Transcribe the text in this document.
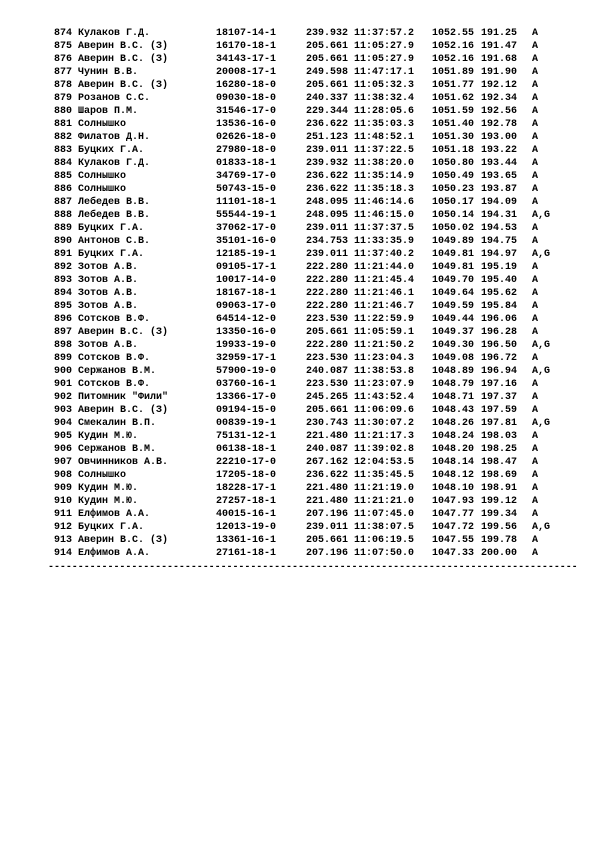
874 Кулаков Г.Д.	18107-14-1	239.932 11:37:57.2 1052.55 191.25 A
875 Аверин В.С. (З)	16170-18-1	205.661 11:05:27.9 1052.16 191.47 A
876 Аверин В.С. (З)	34143-17-1	205.661 11:05:27.9 1052.16 191.68 A
877 Чунин В.В.	20008-17-1	249.598 11:47:17.1 1051.89 191.90 A
878 Аверин В.С. (З)	16280-18-0	205.661 11:05:32.3 1051.77 192.12 A
879 Розанов С.С.	09030-18-0	240.337 11:38:32.4 1051.62 192.34 A
880 Шаров П.М.	31546-17-0	229.344 11:28:05.6 1051.59 192.56 A
881 Солнышко	13536-16-0	236.622 11:35:03.3 1051.40 192.78 A
882 Филатов Д.Н.	02626-18-0	251.123 11:48:52.1 1051.30 193.00 A
883 Буцких Г.А.	27980-18-0	239.011 11:37:22.5 1051.18 193.22 A
884 Кулаков Г.Д.	01833-18-1	239.932 11:38:20.0 1050.80 193.44 A
885 Солнышко	34769-17-0	236.622 11:35:14.9 1050.49 193.65 A
886 Солнышко	50743-15-0	236.622 11:35:18.3 1050.23 193.87 A
887 Лебедев В.В.	11101-18-1	248.095 11:46:14.6 1050.17 194.09 A
888 Лебедев В.В.	55544-19-1	248.095 11:46:15.0 1050.14 194.31 A,G
889 Буцких Г.А.	37062-17-0	239.011 11:37:37.5 1050.02 194.53 A
890 Антонов С.В.	35101-16-0	234.753 11:33:35.9 1049.89 194.75 A
891 Буцких Г.А.	12185-19-1	239.011 11:37:40.2 1049.81 194.97 A,G
892 Зотов А.В.	09105-17-1	222.280 11:21:44.0 1049.81 195.19 A
893 Зотов А.В.	10017-14-0	222.280 11:21:45.4 1049.70 195.40 A
894 Зотов А.В.	18167-18-1	222.280 11:21:46.1 1049.64 195.62 A
895 Зотов А.В.	09063-17-0	222.280 11:21:46.7 1049.59 195.84 A
896 Сотсков В.Ф.	64514-12-0	223.530 11:22:59.9 1049.44 196.06 A
897 Аверин В.С. (З)	13350-16-0	205.661 11:05:59.1 1049.37 196.28 A
898 Зотов А.В.	19933-19-0	222.280 11:21:50.2 1049.30 196.50 A,G
899 Сотсков В.Ф.	32959-17-1	223.530 11:23:04.3 1049.08 196.72 A
900 Сержанов В.М.	57900-19-0	240.087 11:38:53.8 1048.89 196.94 A,G
901 Сотсков В.Ф.	03760-16-1	223.530 11:23:07.9 1048.79 197.16 A
902 Питомник "Фили"	13366-17-0	245.265 11:43:52.4 1048.71 197.37 A
903 Аверин В.С. (З)	09194-15-0	205.661 11:06:09.6 1048.43 197.59 A
904 Смекалин В.П.	00839-19-1	230.743 11:30:07.2 1048.26 197.81 A,G
905 Кудин М.Ю.	75131-12-1	221.480 11:21:17.3 1048.24 198.03 A
906 Сержанов В.М.	06138-18-1	240.087 11:39:02.8 1048.20 198.25 A
907 Овчинников А.В.	22210-17-0	267.162 12:04:53.5 1048.14 198.47 A
908 Солнышко	17205-18-0	236.622 11:35:45.5 1048.12 198.69 A
909 Кудин М.Ю.	18228-17-1	221.480 11:21:19.0 1048.10 198.91 A
910 Кудин М.Ю.	27257-18-1	221.480 11:21:21.0 1047.93 199.12 A
911 Елфимов А.А.	40015-16-1	207.196 11:07:45.0 1047.77 199.34 A
912 Буцких Г.А.	12013-19-0	239.011 11:38:07.5 1047.72 199.56 A,G
913 Аверин В.С. (З)	13361-16-1	205.661 11:06:19.5 1047.55 199.78 A
914 Елфимов А.А.	27161-18-1	207.196 11:07:50.0 1047.33 200.00 A
-----------------------------------------------------------------------------------------
